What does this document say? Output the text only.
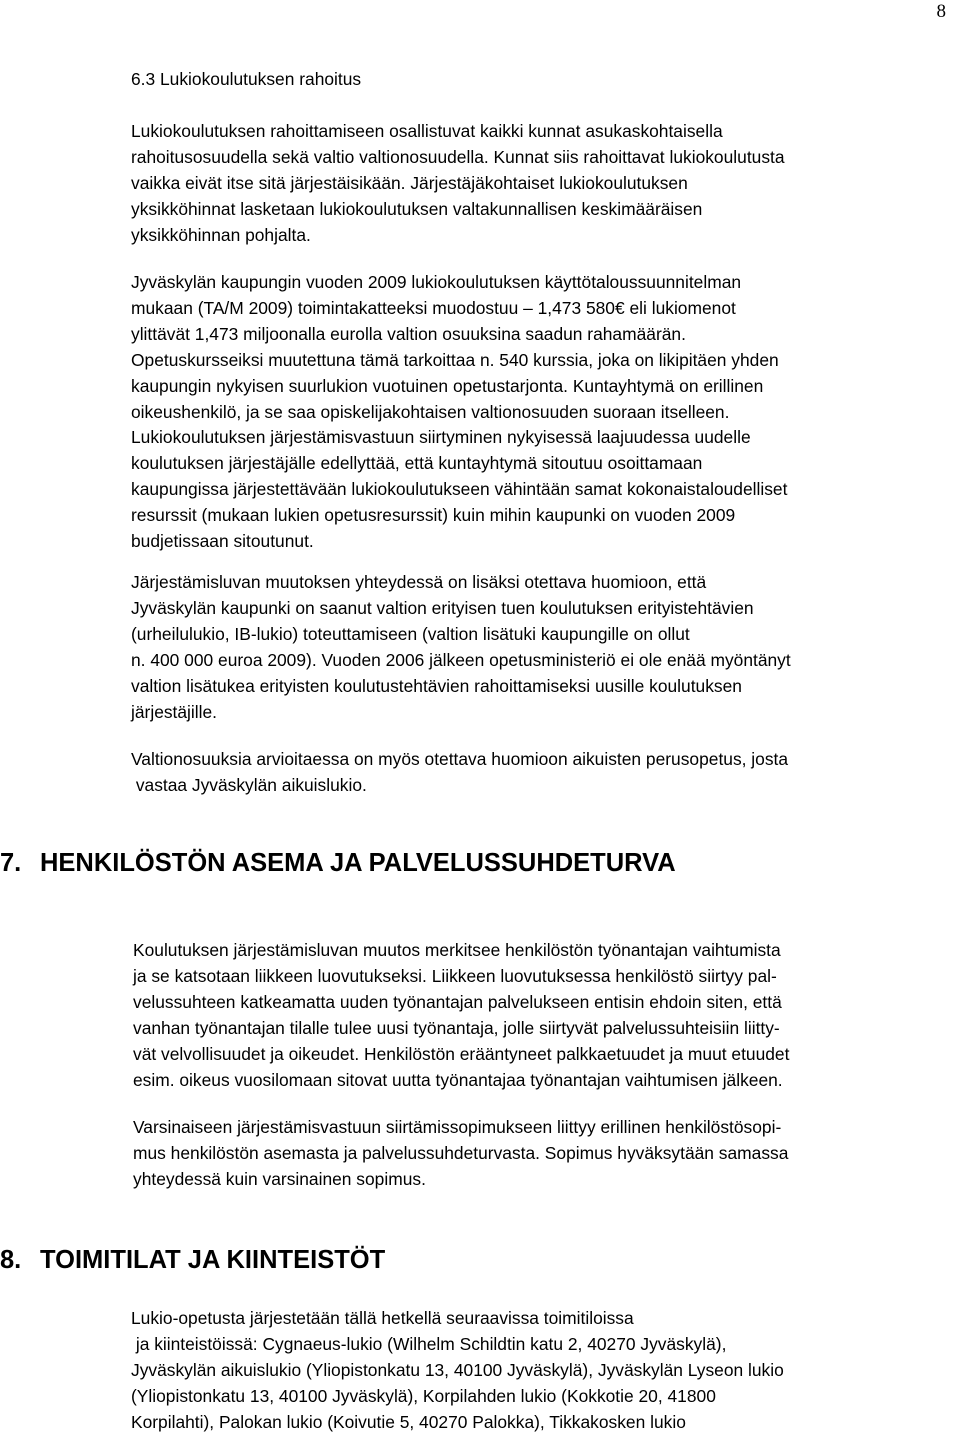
8

6.3 Lukiokoulutuksen rahoitus

Lukiokoulutuksen rahoittamiseen osallistuvat kaikki kunnat asukaskohtaisella
rahoitusosuudella sekä valtio valtionosuudella. Kunnat siis rahoittavat lukiokoulutusta
vaikka eivät itse sitä järjestäisikään. Järjestäjäkohtaiset lukiokoulutuksen
yksikköhinnat lasketaan lukiokoulutuksen valtakunnallisen keskimääräisen
yksikköhinnan pohjalta.

Jyväskylän kaupungin vuoden 2009 lukiokoulutuksen käyttötaloussuunnitelman
mukaan (TA/M 2009) toimintakatteeksi muodostuu – 1,473 580€ eli lukiomenot
ylittävät 1,473 miljoonalla eurolla valtion osuuksina saadun rahamäärän.
Opetuskursseiksi muutettuna tämä tarkoittaa n. 540 kurssia, joka on likipitäen yhden
kaupungin nykyisen suurlukion vuotuinen opetustarjonta. Kuntayhtymä on erillinen
oikeushenkilö, ja se saa opiskelijakohtaisen valtionosuuden suoraan itselleen.
Lukiokoulutuksen järjestämisvastuun siirtyminen nykyisessä laajuudessa uudelle
koulutuksen järjestäjälle edellyttää, että kuntayhtymä sitoutuu osoittamaan
kaupungissa järjestettävään lukiokoulutukseen vähintään samat kokonaistaloudelliset
resurssit (mukaan lukien opetusresurssit) kuin mihin kaupunki on vuoden 2009
budjetissaan sitoutunut.

Järjestämisluvan muutoksen yhteydessä on lisäksi otettava huomioon, että
Jyväskylän kaupunki on saanut valtion erityisen tuen koulutuksen erityistehtävien
(urheilulukio, IB-lukio) toteuttamiseen (valtion lisätuki kaupungille on ollut
n. 400 000 euroa 2009). Vuoden 2006 jälkeen opetusministeriö ei ole enää myöntänyt
valtion lisätukea erityisten koulutustehtävien rahoittamiseksi uusille koulutuksen
järjestäjille.

Valtionosuuksia arvioitaessa on myös otettava huomioon aikuisten perusopetus, josta
vastaa Jyväskylän aikuislukio.

7. HENKILÖSTÖN ASEMA JA PALVELUSSUHDETURVA

Koulutuksen järjestämisluvan muutos merkitsee henkilöstön työnantajan vaihtumista
ja se katsotaan liikkeen luovutukseksi. Liikkeen luovutuksessa henkilöstö siirtyy pal-
velussuhteen katkeamatta uuden työnantajan palvelukseen entisin ehdoin siten, että
vanhan työnantajan tilalle tulee uusi työnantaja, jolle siirtyvät palvelussuhteisiin liitty-
vät velvollisuudet ja oikeudet. Henkilöstön erääntyneet palkkaetuudet ja muut etuudet
esim. oikeus vuosilomaan sitovat uutta työnantajaa työnantajan vaihtumisen jälkeen.

Varsinaiseen järjestämisvastuun siirtämissopimukseen liittyy erillinen henkilöstösopi-
mus henkilöstön asemasta ja palvelussuhdeturvasta. Sopimus hyväksytään samassa
yhteydessä kuin varsinainen sopimus.

8. TOIMITILAT JA KIINTEISTÖT

Lukio-opetusta järjestetään tällä hetkellä seuraavissa toimitiloissa
ja kiinteistöissä: Cygnaeus-lukio (Wilhelm Schildtin katu 2, 40270 Jyväskylä),
Jyväskylän aikuislukio (Yliopistonkatu 13, 40100 Jyväskylä), Jyväskylän Lyseon lukio
(Yliopistonkatu 13, 40100 Jyväskylä), Korpilahden lukio (Kokkotie 20, 41800
Korpilahti), Palokan lukio (Koivutie 5, 40270 Palokka), Tikkakosken lukio
